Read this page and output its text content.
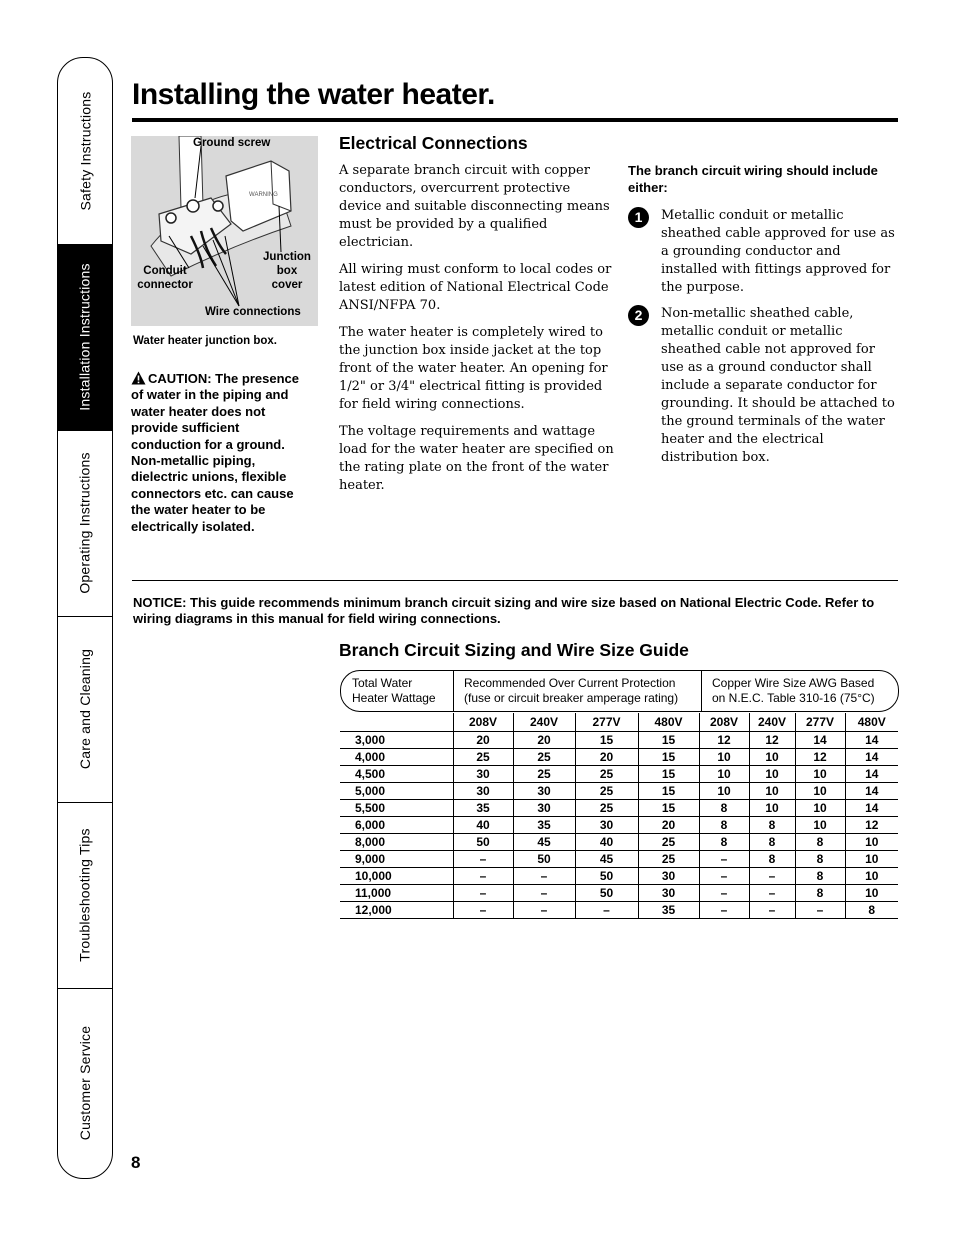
Safety Instructions
Installation Instructions
Operating Instructions
Care and Cleaning
Troubleshooting Tips
Customer Service
Installing the water heater.
Ground screw
WARNING
Junction
box
cover
Conduit
connector
Wire connections
Water heater junction box.
CAUTION: The presence of water in the piping and water heater does not provide sufficient conduction for a ground. Non-metallic piping, dielectric unions, flexible connectors etc. can cause the water heater to be electrically isolated.
Electrical Connections

A separate branch circuit with copper conductors, overcurrent protective device and suitable disconnecting means must be provided by a qualified electrician.

All wiring must conform to local codes or latest edition of National Electrical Code ANSI/NFPA 70.

The water heater is completely wired to the junction box inside jacket at the top front of the water heater. An opening for 1/2" or 3/4" electrical fitting is provided for field wiring connections.

The voltage requirements and wattage load for the water heater are specified on the rating plate on the front of the water heater.

The branch circuit wiring should include either:
1	Metallic conduit or metallic sheathed cable approved for use as a grounding conductor and installed with fittings approved for the purpose.
2	Non-metallic sheathed cable, metallic conduit or metallic sheathed cable not approved for use as a ground conductor shall include a separate conductor for grounding. It should be attached to the ground terminals of the water heater and the electrical distribution box.
NOTICE: This guide recommends minimum branch circuit sizing and wire size based on National Electric Code. Refer to wiring diagrams in this manual for field wiring connections.
Branch Circuit Sizing and Wire Size Guide
Total Water
Heater Wattage
Recommended Over Current Protection
(fuse or circuit breaker amperage rating)
Copper Wire Size AWG Based
on N.E.C. Table 310-16 (75°C)
	208V	240V	277V	480V	208V	240V	277V	480V
3,000	20	20	15	15	12	12	14	14
4,000	25	25	20	15	10	10	12	14
4,500	30	25	25	15	10	10	10	14
5,000	30	30	25	15	10	10	10	14
5,500	35	30	25	15	8	10	10	14
6,000	40	35	30	20	8	8	10	12
8,000	50	45	40	25	8	8	8	10
9,000	–	50	45	25	–	8	8	10
10,000	–	–	50	30	–	–	8	10
11,000	–	–	50	30	–	–	8	10
12,000	–	–	–	35	–	–	–	8
8
